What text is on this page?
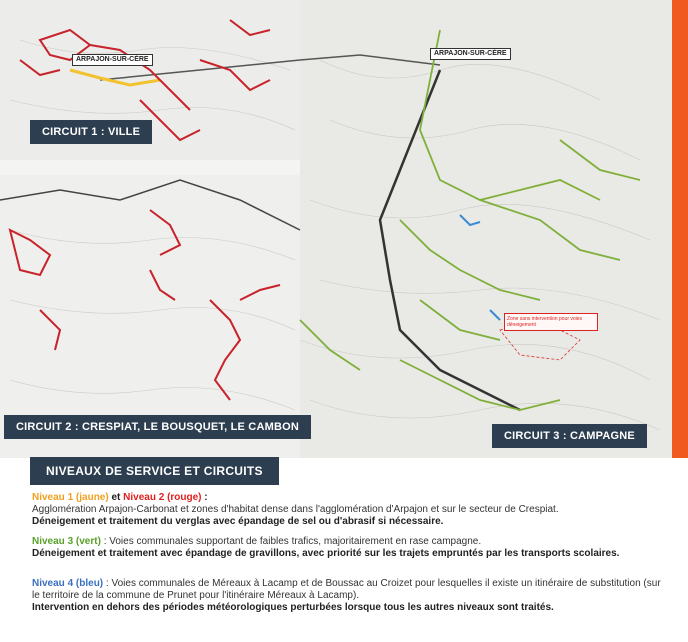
ARPAJON-SUR-CÈRE
ARPAJON-SUR-CÈRE
Zone sans intervention pour voies déneigement
CIRCUIT 1 : VILLE
CIRCUIT 2 : CRESPIAT, LE BOUSQUET, LE CAMBON
CIRCUIT 3 : CAMPAGNE
NIVEAUX DE SERVICE ET CIRCUITS
Niveau 1 (jaune) et Niveau 2 (rouge) :
Agglomération Arpajon-Carbonat et zones d'habitat dense dans l'agglomération d'Arpajon et sur le secteur de Crespiat.
Déneigement et traitement du verglas avec épandage de sel ou d'abrasif si nécessaire.
Niveau 3 (vert) : Voies communales supportant de faibles trafics, majoritairement en rase campagne.
Déneigement et traitement avec épandage de gravillons, avec priorité sur les trajets empruntés par les transports scolaires.
Niveau 4 (bleu) : Voies communales de Méreaux à Lacamp et de Boussac au Croizet pour lesquelles il existe un itinéraire de substitution (sur le territoire de la commune de Prunet pour l'itinéraire Méreaux à Lacamp).
Intervention en dehors des périodes météorologiques perturbées lorsque tous les autres niveaux sont traités.
